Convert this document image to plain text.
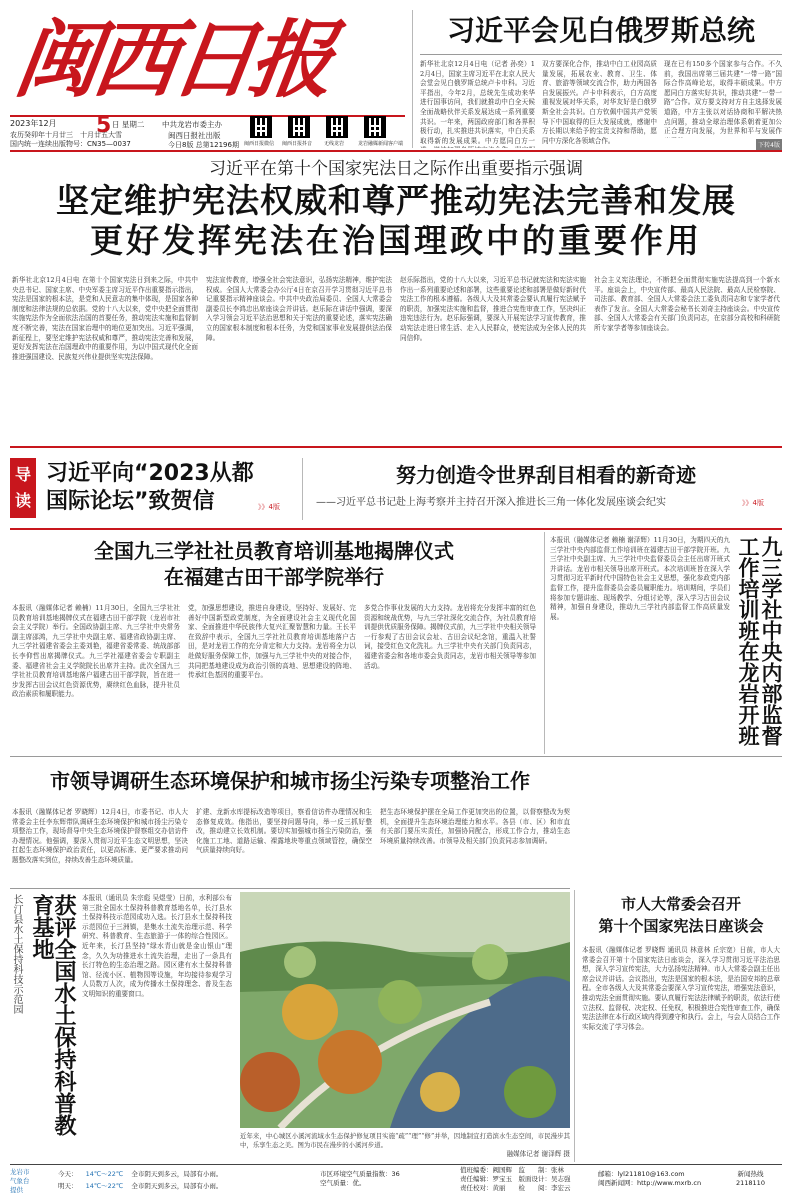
闽西日报
2023年12月 5 日 星期二
农历癸卯年十月廿三　十月廿五大雪
国内统一连续出版物号：CN35—0037
中共龙岩市委主办
闽西日报社出版
今日8版 总第12196期 闽西日报微信 闽西日报抖音 无线龙岩	龙岩融媒新闻客户端
习近平会见白俄罗斯总统
新华社北京12月4日电（记者 孙奕）12月4日，国家主席习近平在北京人民大会堂会见白俄罗斯总统卢卡申科。习近平指出，今年2月，总统先生成功来华进行国事访问，我们就推动中白全天候全面战略伙伴关系发展达成一系列重要共识。一年来，两国政府部门和各界积极行动，扎实推进共识落实，中白关系取得新的发展成果。中方愿同白方一
双方要深化合作，推动中白工业园高质量发展，拓展农业、教育、卫生、体育、旅游等领域交流合作，助力两国各自发展振兴。卢卡申科表示，白方高度重视发展对华关系，对华友好是白俄罗斯全社会共识。白方钦佩中国共产党领导下中国取得的巨大发展成就，感谢中方长期以来给予的宝贵支持和帮助，愿同中方深化各领域合作。
现在已有150多个国家参与合作。不久前，我国出席第三届共建“一带一路”国际合作高峰论坛，取得丰硕成果。中方愿同白方落实好共识，推动共建“一带一路”合作。双方要支持对方自主选择发展道路，中方主张以对话协商和平解决热点问题，推动全球治理体系朝着更加公正合理方向发展，为世界和平与发展作
下转4版
习近平在第十个国家宪法日之际作出重要指示强调
坚定维护宪法权威和尊严推动宪法完善和发展
更好发挥宪法在治国理政中的重要作用
新华社北京12月4日电 在第十个国家宪法日到来之际，中共中央总书记、国家主席、中央军委主席习近平作出重要指示指出，宪法是国家的根本法，是党和人民意志的集中体现，是国家各种制度和法律法规的总依据。党的十八大以来，党中央把全面贯彻实施宪法作为全面依法治国的首要任务，推动宪法实施和监督制度不断完善，宪法在国家治理中的地位更加突出。习近平强调，新征程上，要坚定维护宪法权威和尊严，推动宪法完善和发展，更好发挥宪法在治国理政中的重要作用，为以中国式现代化全面推进强国建设、民族复兴伟业提供坚实宪法保障。
宪法宣传教育，增强全社会宪法意识，弘扬宪法精神，维护宪法权威。全国人大常委会办公厅4日在京召开学习贯彻习近平总书记重要指示精神座谈会。中共中央政治局委员、全国人大常委会副委员长李鸿忠出席座谈会并讲话。赵乐际在讲话中强调，要深入学习领会习近平法治思想和关于宪法的重要论述，落实宪法确立的国家根本制度和根本任务，为党和国家事业发展提供法治保障。
赵乐际指出，党的十八大以来，习近平总书记就宪法和宪法实施作出一系列重要论述和部署，这些重要论述和部署是做好新时代宪法工作的根本遵循。各级人大及其常委会要认真履行宪法赋予的职责，加强宪法实施和监督，推进合宪性审查工作，坚决纠正违宪违法行为。赵乐际强调，要深入开展宪法学习宣传教育，推动宪法走进日常生活、走入人民群众，使宪法成为全体人民的共同信仰。
社会主义宪法理论，不断把全面贯彻实施宪法提高到一个新水平。座谈会上，中央宣传部、最高人民法院、最高人民检察院、司法部、教育部、全国人大常委会法工委负责同志和专家学者代表作了发言。全国人大常委会秘书长刘奇主持座谈会。中央宣传部、全国人大常委会有关部门负责同志，在京部分高校和科研院所专家学者等参加座谈会。
导读
习近平向“2023从都
国际论坛”致贺信	》》4版
努力创造令世界刮目相看的新奇迹
——习近平总书记赴上海考察并主持召开深入推进长三角一体化发展座谈会纪实	》》4版
全国九三学社社员教育培训基地揭牌仪式
在福建古田干部学院举行
本报讯（融媒体记者 赖楠）11月30日，全国九三学社社员教育培训基地揭牌仪式在福建古田干部学院（龙岩市社会主义学院）举行。全国政协副主席、九三学社中央常务副主席邵鸿，九三学社中央副主席、福建省政协副主席、九三学社福建省委会主委刘艳，福建省委常委、统战部部长李仰哲出席揭牌仪式。九三学社福建省委会专职副主委、福建省社会主义学院院长出席并主持。此次全国九三学社社员教育培训基地落户福建古田干部学院，旨在进一步发挥古田会议红色资源优势，赓续红色血脉，提升社员政治素质和履职能力。
党，加强思想建设，推进自身建设，坚持好、发展好、完善好中国新型政党制度，为全面建设社会主义现代化国家、全面推进中华民族伟大复兴汇聚智慧和力量。王长平在致辞中表示，全国九三学社社员教育培训基地落户古田，是对龙岩工作的充分肯定和大力支持。龙岩将全力以赴做好服务保障工作，加强与九三学社中央的对接合作，共同把基地建设成为政治引领的高地、思想建设的阵地、传承红色基因的重要平台。
多党合作事业发展的大力支持。龙岩将充分发挥丰富的红色资源和统战优势，与九三学社深化交流合作，为社员教育培训提供优质服务保障。揭牌仪式前，九三学社中央相关领导一行参观了古田会议会址、古田会议纪念馆，重温入社誓词，接受红色文化洗礼。九三学社中央有关部门负责同志，福建省委会和各地市委会负责同志，龙岩市相关领导等参加活动。
本报讯（融媒体记者 赖楠 谢泽辉）11月30日，为期四天的九三学社中央内部监督工作培训班在福建古田干部学院开班。九三学社中央副主席、九三学社中央监督委员会主任出席开班式并讲话。龙岩市相关领导出席开班式。本次培训班旨在深入学习贯彻习近平新时代中国特色社会主义思想，强化参政党内部监督工作，提升监督委员会委员履职能力。培训期间，学员们将参加专题讲座、现场教学、分组讨论等，深入学习古田会议精神，加强自身建设，推动九三学社内部监督工作高质量发展。	九三学社中央内部监督工作培训班在龙岩开班
市领导调研生态环境保护和城市扬尘污染专项整治工作
本报讯（融媒体记者 罗晓辉）12月4日，市委书记、市人大常委会主任李东辉带队调研生态环境保护和城市扬尘污染专项整治工作，现场督导中央生态环境保护督察组交办信访件办理情况。他强调，要深入贯彻习近平生态文明思想，坚决扛起生态环境保护政治责任，以更高标准、更严要求推动问题整改落实到位，持续改善生态环境质量。
扩建、龙新水库提标改造等项目，察看信访件办理情况和生态修复成效。他指出，要坚持问题导向，举一反三抓好整改，推动建立长效机制。要切实加强城市扬尘污染防治，强化施工工地、道路运输、裸露地块等重点领域管控，确保空气质量持续向好。
把生态环境保护摆在全局工作更加突出的位置，以督察整改为契机，全面提升生态环境治理能力和水平。各县（市、区）和市直有关部门要压实责任，加强协同配合，形成工作合力，推动生态环境质量持续改善。市领导及相关部门负责同志参加调研。
长汀县水土保持科技示范园	获评全国水土保持科普教育基地	本报讯（通讯员 朱宗彪 吴煜莹）日前，水利部公布第三批全国水土保持科普教育基地名单，长汀县水土保持科技示范园成功入选。长汀县水土保持科技示范园位于三洲镇，是集水土流失治理示范、科学研究、科普教育、生态旅游于一体的综合性园区。近年来，长汀县坚持“绿水青山就是金山银山”理念，久久为功推进水土流失治理，走出了一条具有长汀特色的生态治理之路。园区建有水土保持科普馆、径流小区、植物园等设施，年均接待参观学习人员数万人次，成为传播水土保持理念、普及生态文明知识的重要窗口。
近年来，中心城区小溪河流域水生态保护修复项目实施“疏”“理”“修”并举，因地制宜打造滨水生态空间，市民漫步其中，乐享生态之美。图为市民在漫步的小溪河步道。
融媒体记者 谢泽辉 摄
市人大常委会召开
第十个国家宪法日座谈会
本报讯（融媒体记者 罗晓辉 通讯员 林意林 丘宗宽）日前，市人大常委会召开第十个国家宪法日座谈会，深入学习贯彻习近平法治思想，深入学习宣传宪法，大力弘扬宪法精神。市人大常委会副主任出席会议并讲话。会议指出，宪法是国家的根本法，是治国安邦的总章程。全市各级人大及其常委会要深入学习宣传宪法，增强宪法意识，推动宪法全面贯彻实施。要认真履行宪法法律赋予的职责，依法行使立法权、监督权、决定权、任免权，积极推进合宪性审查工作，确保宪法法律在本行政区域内得到遵守和执行。会上，与会人员结合工作实际交流了学习体会。
龙岩市
气象台
提供
今天： 14℃～22℃ 全市阴天到多云，局部有小雨。
明天： 14℃～22℃ 全市阴天到多云，局部有小雨。
市区环境空气质量指数：36
空气质量：优。
值班编委：阙国辉　监　　制：张林
责任编辑：罗宝玉　版面设计：吴志强
责任校对：黄丽　　检　　阅：李宏云
邮箱：lyl211810@163.com
闽西新闻网：http://www.mxrb.cn
新闻热线
2118110
